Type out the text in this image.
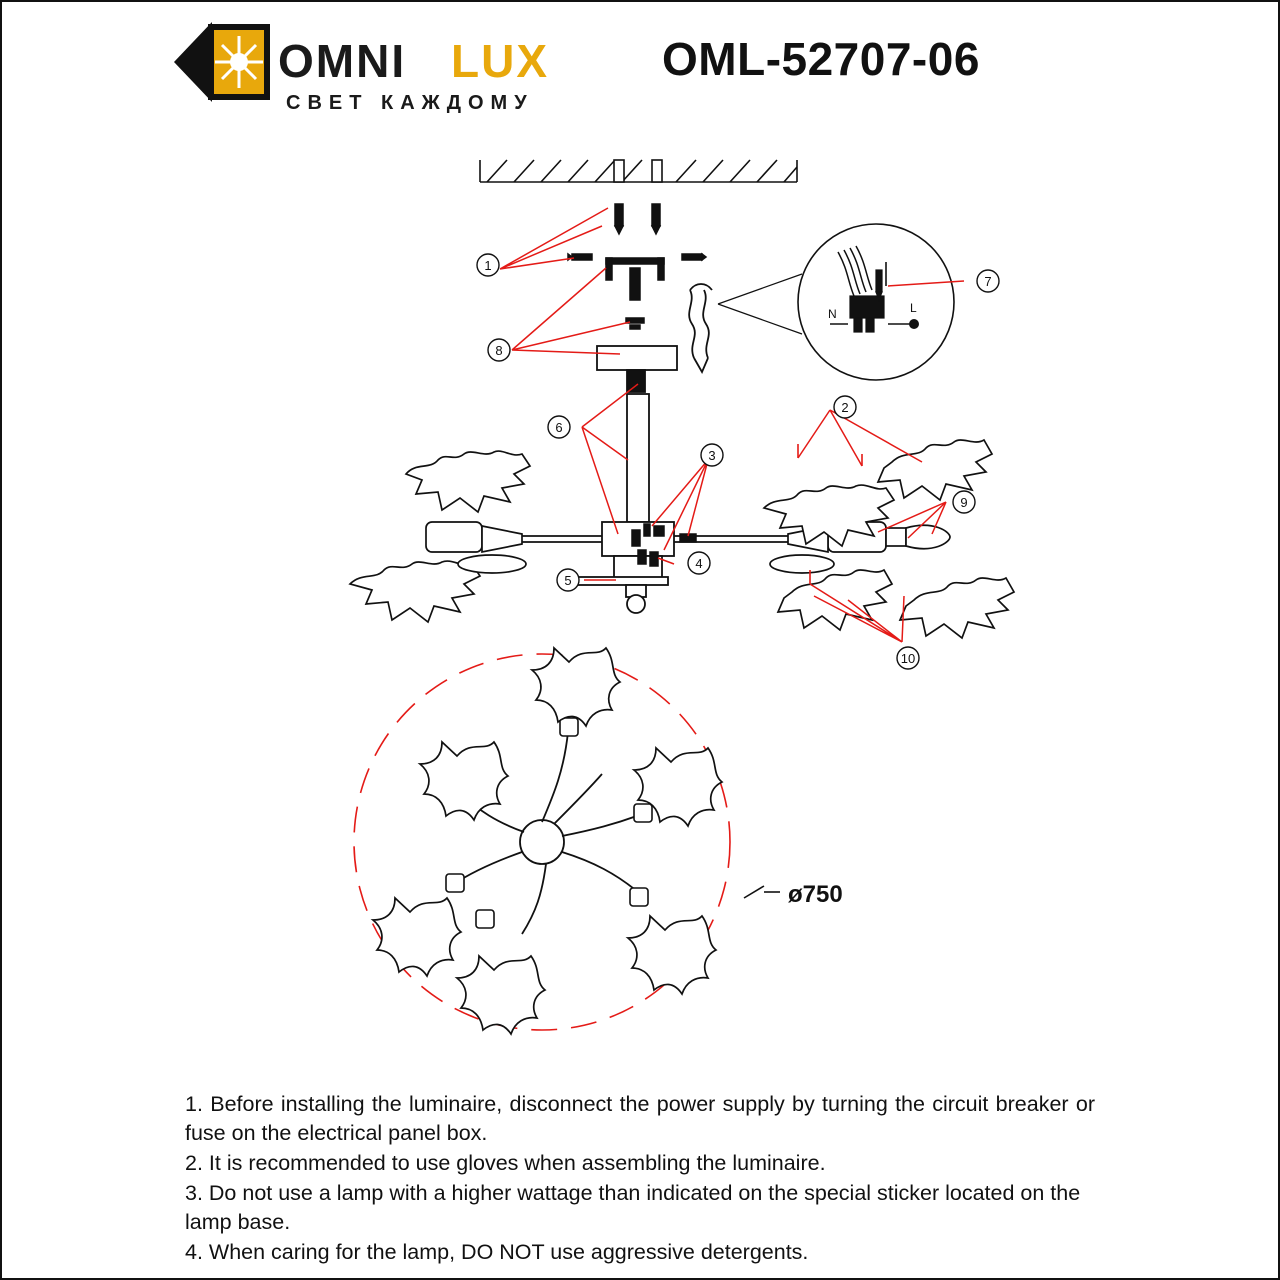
OMNI LUX
СВЕТ КАЖДОМУ
OML-52707-06
N	L
1
8
7
6
3
4
5
2
9
10
ø750

1. Before installing the luminaire, disconnect the power supply by turning the circuit breaker or fuse on the electrical panel box.

2. It is recommended to use gloves when assembling the luminaire.

3. Do not use a lamp with a higher wattage than indicated on the special sticker located on the lamp base.

4. When caring for the lamp, DO NOT use aggressive detergents.
